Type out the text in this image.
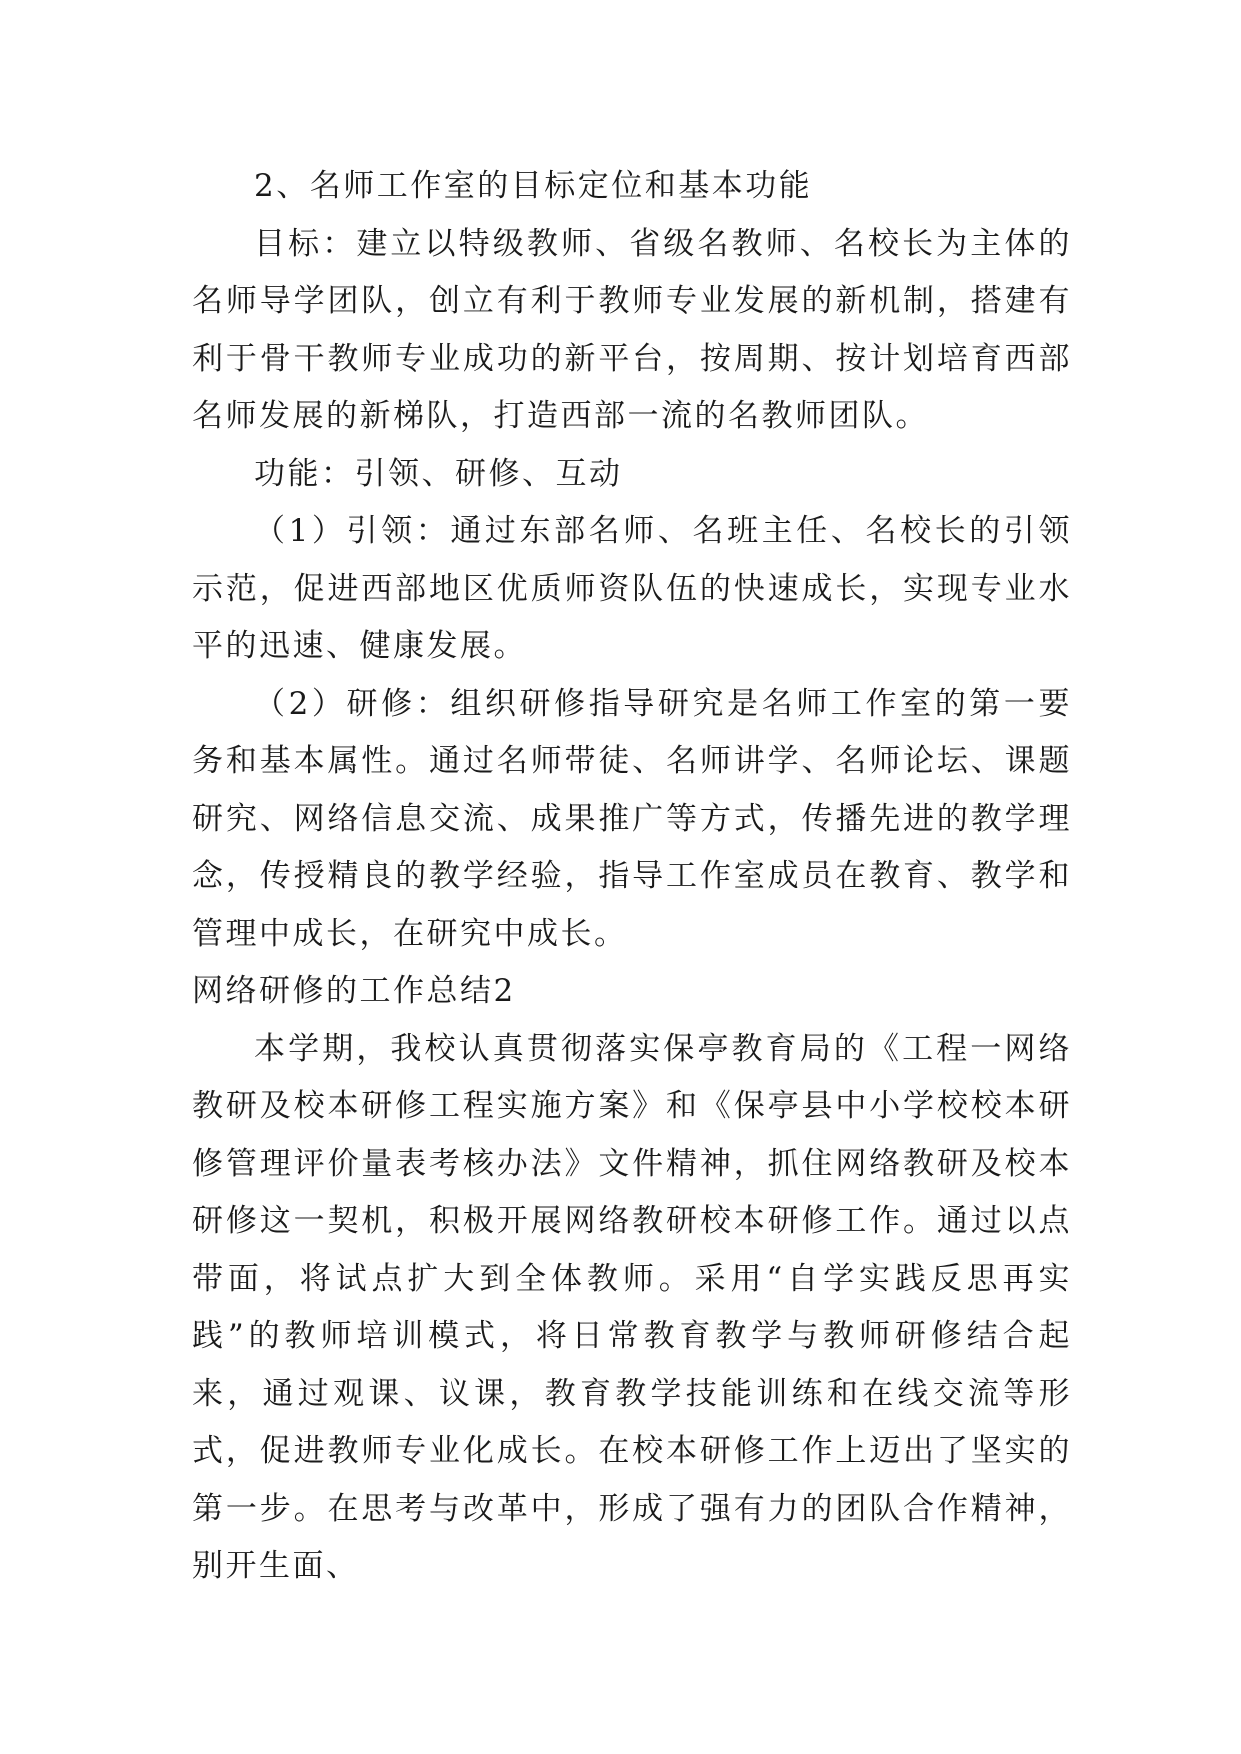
2、名师工作室的目标定位和基本功能

目标：建立以特级教师、省级名教师、名校长为主体的名师导学团队，创立有利于教师专业发展的新机制，搭建有利于骨干教师专业成功的新平台，按周期、按计划培育西部名师发展的新梯队，打造西部一流的名教师团队。

功能：引领、研修、互动

（1）引领：通过东部名师、名班主任、名校长的引领示范，促进西部地区优质师资队伍的快速成长，实现专业水平的迅速、健康发展。

（2）研修：组织研修指导研究是名师工作室的第一要务和基本属性。通过名师带徒、名师讲学、名师论坛、课题研究、网络信息交流、成果推广等方式，传播先进的教学理念，传授精良的教学经验，指导工作室成员在教育、教学和管理中成长，在研究中成长。

网络研修的工作总结2

本学期，我校认真贯彻落实保亭教育局的《工程一网络教研及校本研修工程实施方案》和《保亭县中小学校校本研修管理评价量表考核办法》文件精神，抓住网络教研及校本研修这一契机，积极开展网络教研校本研修工作。通过以点带面，将试点扩大到全体教师。采用“自学实践反思再实践”的教师培训模式，将日常教育教学与教师研修结合起来，通过观课、议课，教育教学技能训练和在线交流等形式，促进教师专业化成长。在校本研修工作上迈出了坚实的第一步。在思考与改革中，形成了强有力的团队合作精神，别开生面、
